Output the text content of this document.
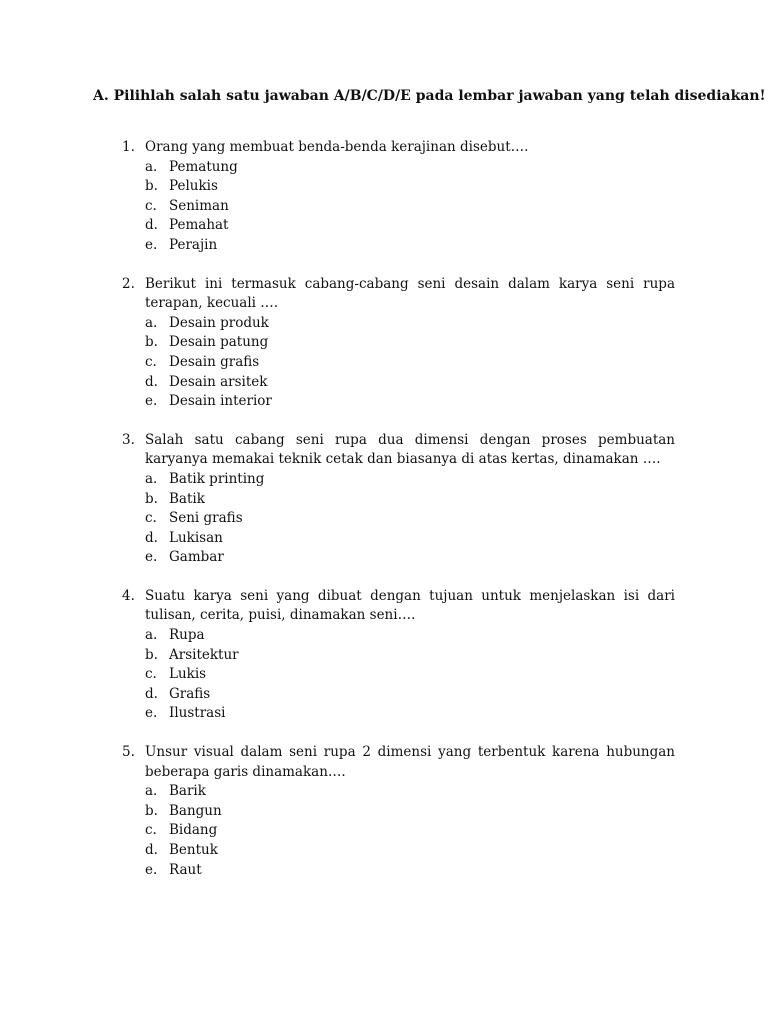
A. Pilihlah salah satu jawaban A/B/C/D/E pada lembar jawaban yang telah disediakan!
1. Orang yang membuat benda-benda kerajinan disebut….
a. Pematung
b. Pelukis
c. Seniman
d. Pemahat
e. Perajin
2. Berikut ini termasuk cabang-cabang seni desain dalam karya seni rupa terapan, kecuali ….
a. Desain produk
b. Desain patung
c. Desain grafis
d. Desain arsitek
e. Desain interior
3. Salah satu cabang seni rupa dua dimensi dengan proses pembuatan karyanya memakai teknik cetak dan biasanya di atas kertas, dinamakan ….
a. Batik printing
b. Batik
c. Seni grafis
d. Lukisan
e. Gambar
4. Suatu karya seni yang dibuat dengan tujuan untuk menjelaskan isi dari tulisan, cerita, puisi, dinamakan seni….
a. Rupa
b. Arsitektur
c. Lukis
d. Grafis
e. Ilustrasi
5. Unsur visual dalam seni rupa 2 dimensi yang terbentuk karena hubungan beberapa garis dinamakan….
a. Barik
b. Bangun
c. Bidang
d. Bentuk
e. Raut
